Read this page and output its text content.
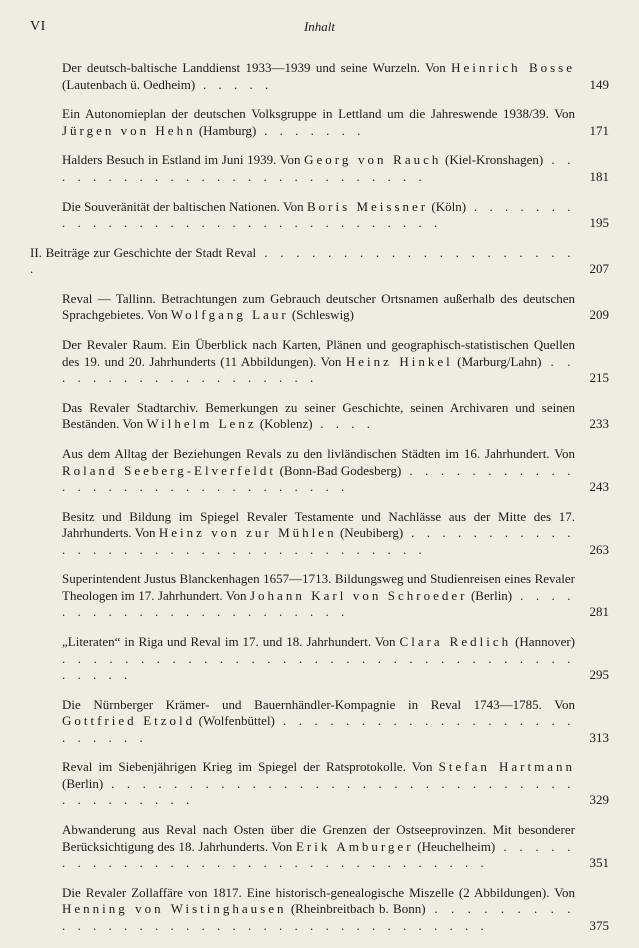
VI	Inhalt
Der deutsch-baltische Landdienst 1933—1939 und seine Wurzeln. Von Heinrich Bosse (Lautenbach ü. Oedheim) . . . . .	149
Ein Autonomieplan der deutschen Volksgruppe in Lettland um die Jahreswende 1938/39. Von Jürgen von Hehn (Hamburg) . . . . . . .	171
Halders Besuch in Estland im Juni 1939. Von Georg von Rauch (Kiel-Kronshagen) . . . . . . . . . . . . . . . . . . . . . . . . . .	181
Die Souveränität der baltischen Nationen. Von Boris Meissner (Köln) . . . . . . . . . . . . . . . . . . . . . . . . . . . . . . . .	195
II. Beiträge zur Geschichte der Stadt Reval . . . . . . . . . . . . . . . . . . . . .	207
Reval — Tallinn. Betrachtungen zum Gebrauch deutscher Ortsnamen außerhalb des deutschen Sprachgebietes. Von Wolfgang Laur (Schleswig)	209
Der Revaler Raum. Ein Überblick nach Karten, Plänen und geographisch-statistischen Quellen des 19. und 20. Jahrhunderts (11 Abbildungen). Von Heinz Hinkel (Marburg/Lahn) . . . . . . . . . . . . . . . . . . .	215
Das Revaler Stadtarchiv. Bemerkungen zu seiner Geschichte, seinen Archivaren und seinen Beständen. Von Wilhelm Lenz (Koblenz) . . . .	233
Aus dem Alltag der Beziehungen Revals zu den livländischen Städten im 16. Jahrhundert. Von Roland Seeberg-Elverfeldt (Bonn-Bad Godesberg) . . . . . . . . . . . . . . . . . . . . . . . . . . . . . .	243
Besitz und Bildung im Spiegel Revaler Testamente und Nachlässe aus der Mitte des 17. Jahrhunderts. Von Heinz von zur Mühlen (Neubiberg) . . . . . . . . . . . . . . . . . . . . . . . . . . . . . . . . . . .	263
Superintendent Justus Blanckenhagen 1657—1713. Bildungsweg und Studienreisen eines Revaler Theologen im 17. Jahrhundert. Von Johann Karl von Schroeder (Berlin) . . . . . . . . . . . . . . . . . . . . . . .	281
„Literaten“ in Riga und Reval im 17. und 18. Jahrhundert. Von Clara Redlich (Hannover) . . . . . . . . . . . . . . . . . . . . . . . . . . . . . . . . . . . . . .	295
Die Nürnberger Krämer- und Bauernhändler-Kompagnie in Reval 1743—1785. Von Gottfried Etzold (Wolfenbüttel) . . . . . . . . . . . . . . . . . . . . . . . . .	313
Reval im Siebenjährigen Krieg im Spiegel der Ratsprotokolle. Von Stefan Hartmann (Berlin) . . . . . . . . . . . . . . . . . . . . . . . . . . . . . . . . . . . . . . .	329
Abwanderung aus Reval nach Osten über die Grenzen der Ostseeprovinzen. Mit besonderer Berücksichtigung des 18. Jahrhunderts. Von Erik Amburger (Heuchelheim) . . . . . . . . . . . . . . . . . . . . . . . . . . . . . . . . .	351
Die Revaler Zollaffäre von 1817. Eine historisch-genealogische Miszelle (2 Abbildungen). Von Henning von Wistinghausen (Rheinbreitbach b. Bonn) . . . . . . . . . . . . . . . . . . . . . . . . . . . . . . . . . . . . .	375
